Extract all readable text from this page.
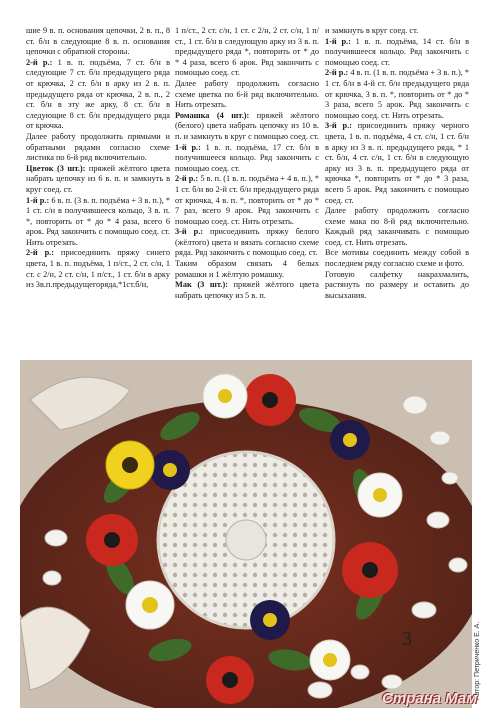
шие 9 в. п. основания цепочки, 2 в. п., 8 ст. б/н в следующие 8 в. п. основания цепочки с обратной стороны.

2-й р.: 1 в. п. подъёма, 7 ст. б/н в следующие 7 ст. б/н предыдущего ряда от крючка, 2 ст. б/н в арку из 2 в. п. предыдущего ряда от крючка, 2 в. п., 2 ст. б/н в эту же арку, 8 ст. б/н в следующие 8 ст. б/н предыдущего ряда от крючка.

Далее работу продолжить прямыми и обратными рядами согласно схеме листика по 6-й ряд включительно.

Цветок (3 шт.): пряжей жёлтого цвета набрать цепочку из 6 в. п. и замкнуть в круг соед. ст.

1-й р.: 6 в. п. (3 в. п. подъёма + 3 в. п.), * 1 ст. с/н в получившееся кольцо, 3 в. п. *, повторить от * до * 4 раза, всего 6 арок. Ряд закончить с помощью соед. ст. Нить отрезать.

2-й р.: присоединить пряжу синего цвета, 1 в. п. подъёма, 1 п/ст., 2 ст. с/н, 1 ст. с 2/н, 2 ст. с/н, 1 п/ст., 1 ст. б/н в арку из 3в.п.предыдущегоряда,*1ст.б/н,

1 п/ст., 2 ст. с/н, 1 ст. с 2/н, 2 ст. с/н, 1 п/ст., 1 ст. б/н в следующую арку из 3 в. п. предыдущего ряда *, повторить от * до * 4 раза, всего 6 арок. Ряд закончить с помощью соед. ст.

Далее работу продолжить согласно схеме цветка по 6-й ряд включительно. Нить отрезать.

Ромашка (4 шт.): пряжей жёлтого (белого) цвета набрать цепочку из 10 в. п. и замкнуть в круг с помощью соед. ст.

1-й р.: 1 в. п. подъёма, 17 ст. б/н в получившееся кольцо. Ряд закончить с помощью соед. ст.

2-й р.: 5 в. п. (1 в. п. подъёма + 4 в. п.), * 1 ст. б/н во 2-й ст. б/н предыдущего ряда от крючка, 4 в. п. *, повторить от * до * 7 раз, всего 9 арок. Ряд закончить с помощью соед. ст. Нить отрезать.

3-й р.: присоединить пряжу белого (жёлтого) цвета и вязать согласно схеме ряда. Ряд закончить с помощью соед. ст.

Таким образом связать 4 белых ромашки и 1 жёлтую ромашку.

Мак (3 шт.): пряжей жёлтого цвета набрать цепочку из 5 в. п.

и замкнуть в круг соед. ст.

1-й р.: 1 в. п. подъёма, 14 ст. б/н в получившееся кольцо. Ряд закончить с помощью соед. ст.

2-й р.: 4 в. п. (1 в. п. подъёма + 3 в. п.), * 1 ст. б/н в 4-й ст. б/н предыдущего ряда от крючка, 3 в. п. *, повторить от * до * 3 раза, всего 5 арок. Ряд закончить с помощью соед. ст. Нить отрезать.

3-й р.: присоединить пряжу черного цвета, 1 в. п. подъёма, 4 ст. с/н, 1 ст. б/н в арку из 3 в. п. предыдущего ряда, * 1 ст. б/н, 4 ст. с/н, 1 ст. б/н в следующую арку из 3 в. п. предыдущего ряда от крючка *, повторить от * до * 3 раза, всего 5 арок. Ряд закончить с помощью соед. ст.

Далее работу продолжить согласно схеме мака по 8-й ряд включительно. Каждый ряд заканчивать с помощью соед. ст. Нить отрезать.

Все мотивы соединить между собой в последнем ряду согласно схеме и фото.

Готовую салфетку накрахмалить, растянуть по размеру и оставить до высыхания.

3	Автор: Петриченко Е. А.
Страна Мам
